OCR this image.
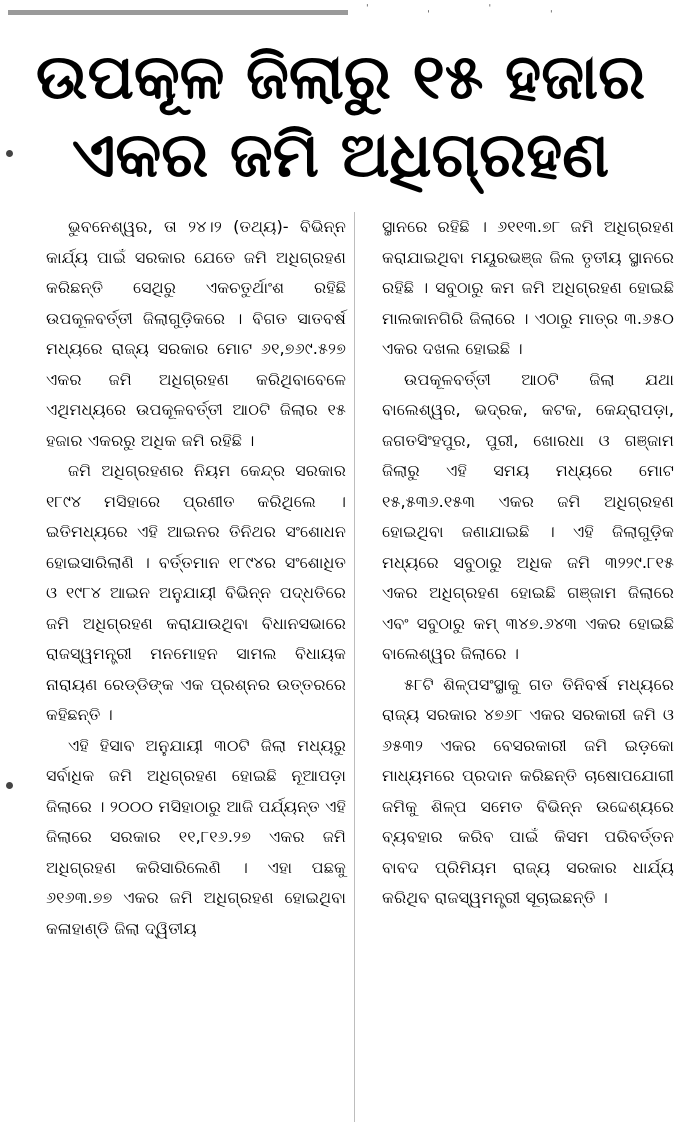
ˈ ˌ ˈ ˌ
ଉପକୂଳ ଜିଲାରୁ ୧୫ ହଜାର
ଏକର ଜମି ଅଧିଗ୍ରହଣ

ଭୁବନେଶ୍ୱର, ତା ୨୪।୨ (ତଥ୍ୟ)- ବିଭିନ୍ନ କାର୍ଯ୍ୟ ପାଇଁ ସରକାର ଯେତେ ଜମି ଅଧିଗ୍ରହଣ କରିଛନ୍ତି ସେଥିରୁ ଏକଚତୁର୍ଥାଂଶ ରହିଛି ଉପକୂଳବର୍ତ୍ତୀ ଜିଲାଗୁଡ଼ିକରେ । ବିଗତ ସାତବର୍ଷ ମଧ୍ୟରେ ରାଜ୍ୟ ସରକାର ମୋଟ ୬୧,୭୬୯.୫୨୭ ଏକର ଜମି ଅଧିଗ୍ରହଣ କରିଥିବାବେଳେ ଏଥିମଧ୍ୟରେ ଉପକୂଳବର୍ତ୍ତୀ ଆଠଟି ଜିଲାର ୧୫ ହଜାର ଏକରରୁ ଅଧିକ ଜମି ରହିଛି ।

ଜମି ଅଧିଗ୍ରହଣର ନିୟମ କେନ୍ଦ୍ର ସରକାର ୧୮୯୪ ମସିହାରେ ପ୍ରଣୀତ କରିଥିଲେ । ଇତିମଧ୍ୟରେ ଏହି ଆଇନର ତିନିଥର ସଂଶୋଧନ ହୋଇସାରିଲାଣି । ବର୍ତ୍ତମାନ ୧୮୯୪ର ସଂଶୋଧିତ ଓ ୧୯୮୪ ଆଇନ ଅନୁଯାୟୀ ବିଭିନ୍ନ ପଦ୍ଧତିରେ ଜମି ଅଧିଗ୍ରହଣ କରାଯାଉଥିବା ବିଧାନସଭାରେ ରାଜସ୍ୱମନ୍ତ୍ରୀ ମନମୋହନ ସାମଲ ବିଧାୟକ ନାରାୟଣ ରେଡ୍ଡିଙ୍କ ଏକ ପ୍ରଶ୍ନର ଉତ୍ତରରେ କହିଛନ୍ତି ।

ଏହି ହିସାବ ଅନୁଯାୟୀ ୩୦ଟି ଜିଲା ମଧ୍ୟରୁ ସର୍ବାଧିକ ଜମି ଅଧିଗ୍ରହଣ ହୋଇଛି ନୂଆପଡ଼ା ଜିଲାରେ । ୨୦୦୦ ମସିହାଠାରୁ ଆଜି ପର୍ଯ୍ୟନ୍ତ ଏହି ଜିଲାରେ ସରକାର ୧୧,୮୧୬.୨୭ ଏକର ଜମି ଅଧିଗ୍ରହଣ କରିସାରିଲେଣି । ଏହା ପଛକୁ ୬୧୬୩.୭୭ ଏକର ଜମି ଅଧିଗ୍ରହଣ ହୋଇଥିବା କଳାହାଣ୍ଡି ଜିଲା ଦ୍ୱିତୀୟ

ସ୍ଥାନରେ ରହିଛି । ୬୧୧୩.୭୮ ଜମି ଅଧିଗ୍ରହଣ କରାଯାଇଥିବା ମୟୂରଭଞ୍ଜ ଜିଲ ତୃତୀୟ ସ୍ଥାନରେ ରହିଛି । ସବୁଠାରୁ କମ ଜମି ଅଧିଗ୍ରହଣ ହୋଇଛି ମାଲକାନଗିରି ଜିଲାରେ । ଏଠାରୁ ମାତ୍ର ୩.୬୫୦ ଏକର ଦଖଲ ହୋଇଛି ।

ଉପକୂଳବର୍ତ୍ତୀ ଆଠଟି ଜିଲା ଯଥା ବାଲେଶ୍ୱର, ଭଦ୍ରକ, କଟକ, କେନ୍ଦ୍ରାପଡ଼ା, ଜଗତସିଂହପୁର, ପୁରୀ, ଖୋରଧା ଓ ଗଞ୍ଜାମ ଜିଲାରୁ ଏହି ସମୟ ମଧ୍ୟରେ ମୋଟ ୧୫,୫୩୬.୧୫୩ ଏକର ଜମି ଅଧିଗ୍ରହଣ ହୋଇଥିବା ଜଣାଯାଇଛି । ଏହି ଜିଲାଗୁଡ଼ିକ ମଧ୍ୟରେ ସବୁଠାରୁ ଅଧିକ ଜମି ୩୨୨୯.୮୧୫ ଏକର ଅଧିଗ୍ରହଣ ହୋଇଛି ଗଞ୍ଜାମ ଜିଲାରେ ଏବଂ ସବୁଠାରୁ କମ୍ ୩୪୭.୬୪୩ ଏକର ହୋଇଛି ବାଲେଶ୍ୱର ଜିଲାରେ ।

୫୮ଟି ଶିଳ୍ପସଂସ୍ଥାକୁ ଗତ ତିନିବର୍ଷ ମଧ୍ୟରେ ରାଜ୍ୟ ସରକାର ୪୭୬୮ ଏକର ସରକାରୀ ଜମି ଓ ୬୫୩୨ ଏକର ବେସରକାରୀ ଜମି ଇଡ଼କୋ ମାଧ୍ୟମରେ ପ୍ରଦାନ କରିଛନ୍ତି ଚାଷୋପଯୋଗୀ ଜମିକୁ ଶିଳ୍ପ ସମେତ ବିଭିନ୍ନ ଉଦ୍ଦେଶ୍ୟରେ ବ୍ୟବହାର କରିବ ପାଇଁ କିସମ ପରିବର୍ତ୍ତନ ବାବଦ ପ୍ରିମିୟମ ରାଜ୍ୟ ସରକାର ଧାର୍ଯ୍ୟ କରିଥିବ ରାଜସ୍ୱମନ୍ତ୍ରୀ ସୂଚାଇଛନ୍ତି ।
